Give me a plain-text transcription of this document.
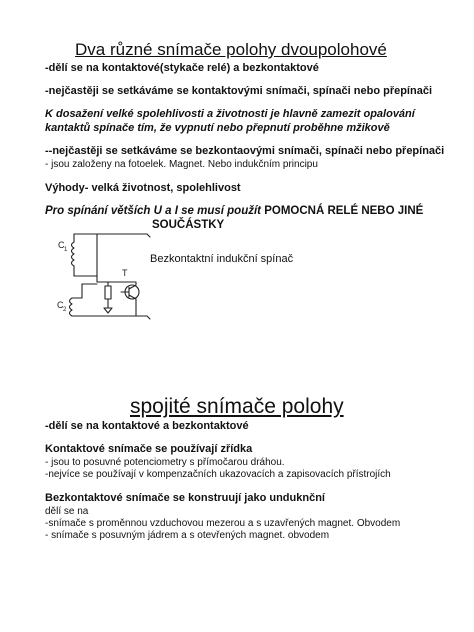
Dva různé snímače polohy dvoupolohové
-dělí se na kontaktové(stykače relé) a bezkontaktové
-nejčastěji se setkáváme se kontaktovými snímači, spínači nebo přepínači
K dosažení velké spolehlivosti a životnosti je hlavně zamezit opalování
kantaktů spínače tím, že vypnutí nebo přepnutí proběhne mžikově
--nejčastěji se setkáváme se bezkontaovými snímači, spínači nebo přepínači
- jsou založeny na fotoelek. Magnet. Nebo indukčním principu
Výhody- velká životnost, spolehlivost
Pro spínání větších U a I se musí použít POMOCNÁ RELÉ NEBO JINÉ
SOUČÁSTKY
C 1
T
C 2
Bezkontaktní indukční spínač
spojité snímače polohy
-dělí se na kontaktové a bezkontaktové
Kontaktové snímače se používají zřídka
- jsou to posuvné potenciometry s přímočarou dráhou.
-nejvíce se používají v kompenzačních ukazovacích a zapisovacích přístrojích
Bezkontaktové snímače se konstruují jako unduknční
dělí se na
-snímače s proměnnou vzduchovou mezerou a s uzavřených magnet. Obvodem
- snímače s posuvným jádrem a s otevřených magnet. obvodem
